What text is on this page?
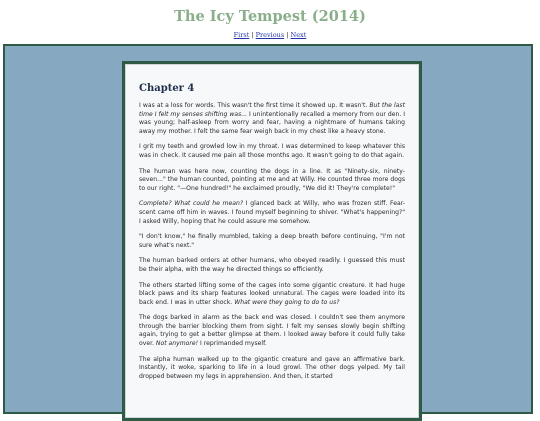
The Icy Tempest (2014)
First | Previous | Next
Chapter 4

I was at a loss for words. This wasn't the first time it showed up. It wasn't. But the last time I felt my senses shifting was... I unintentionally recalled a memory from our den. I was young; half-asleep from worry and fear, having a nightmare of humans taking away my mother. I felt the same fear weigh back in my chest like a heavy stone.

I grit my teeth and growled low in my throat. I was determined to keep whatever this was in check. It caused me pain all those months ago. It wasn't going to do that again.

The human was here now, counting the dogs in a line. It as "Ninety-six, ninety-seven..." the human counted, pointing at me and at Willy. He counted three more dogs to our right. "—One hundred!" he exclaimed proudly, "We did it! They're complete!"

Complete? What could he mean? I glanced back at Willy, who was frozen stiff. Fear-scent came off him in waves. I found myself beginning to shiver. "What's happening?" I asked Willy, hoping that he could assure me somehow.

"I don't know," he finally mumbled, taking a deep breath before continuing, "I'm not sure what's next."

The human barked orders at other humans, who obeyed readily. I guessed this must be their alpha, with the way he directed things so efficiently.

The others started lifting some of the cages into some gigantic creature. It had huge black paws and its sharp features looked unnatural. The cages were loaded into its back end. I was in utter shock. What were they going to do to us?

The dogs barked in alarm as the back end was closed. I couldn't see them anymore through the barrier blocking them from sight. I felt my senses slowly begin shifting again, trying to get a better glimpse at them. I looked away before it could fully take over. Not anymore! I reprimanded myself.

The alpha human walked up to the gigantic creature and gave an affirmative bark. Instantly, it woke, sparking to life in a loud growl. The other dogs yelped. My tail dropped between my legs in apprehension. And then, it started
